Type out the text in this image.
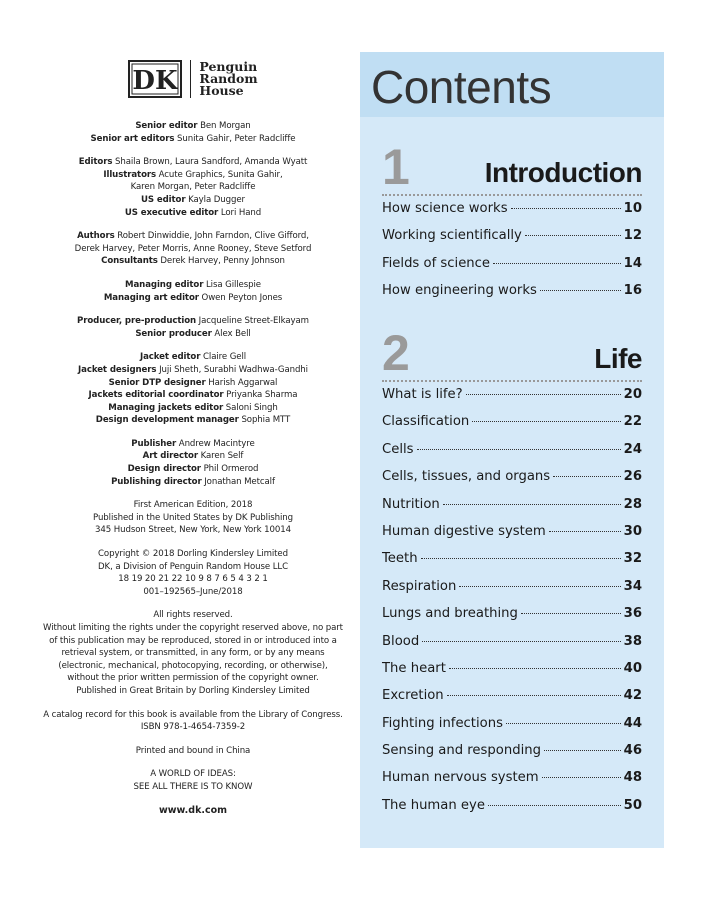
DK Penguin
Random
House
Senior editor Ben Morgan
Senior art editors Sunita Gahir, Peter Radcliffe
Editors Shaila Brown, Laura Sandford, Amanda Wyatt
Illustrators Acute Graphics, Sunita Gahir,
Karen Morgan, Peter Radcliffe
US editor Kayla Dugger
US executive editor Lori Hand
Authors Robert Dinwiddie, John Farndon, Clive Gifford,
Derek Harvey, Peter Morris, Anne Rooney, Steve Setford
Consultants Derek Harvey, Penny Johnson
Managing editor Lisa Gillespie
Managing art editor Owen Peyton Jones
Producer, pre-production Jacqueline Street-Elkayam
Senior producer Alex Bell
Jacket editor Claire Gell
Jacket designers Juji Sheth, Surabhi Wadhwa-Gandhi
Senior DTP designer Harish Aggarwal
Jackets editorial coordinator Priyanka Sharma
Managing jackets editor Saloni Singh
Design development manager Sophia MTT
Publisher Andrew Macintyre
Art director Karen Self
Design director Phil Ormerod
Publishing director Jonathan Metcalf
First American Edition, 2018
Published in the United States by DK Publishing
345 Hudson Street, New York, New York 10014
Copyright © 2018 Dorling Kindersley Limited
DK, a Division of Penguin Random House LLC
18 19 20 21 22 10 9 8 7 6 5 4 3 2 1
001–192565–June/2018
All rights reserved.
Without limiting the rights under the copyright reserved above, no part
of this publication may be reproduced, stored in or introduced into a
retrieval system, or transmitted, in any form, or by any means
(electronic, mechanical, photocopying, recording, or otherwise),
without the prior written permission of the copyright owner.
Published in Great Britain by Dorling Kindersley Limited
A catalog record for this book is available from the Library of Congress.
ISBN 978-1-4654-7359-2
Printed and bound in China
A WORLD OF IDEAS:
SEE ALL THERE IS TO KNOW
www.dk.com
Contents
1	Introduction
How science works	10
Working scientifically	12
Fields of science	14
How engineering works	16
2	Life
What is life?	20
Classification	22
Cells	24
Cells, tissues, and organs	26
Nutrition	28
Human digestive system	30
Teeth	32
Respiration	34
Lungs and breathing	36
Blood	38
The heart	40
Excretion	42
Fighting infections	44
Sensing and responding	46
Human nervous system	48
The human eye	50
